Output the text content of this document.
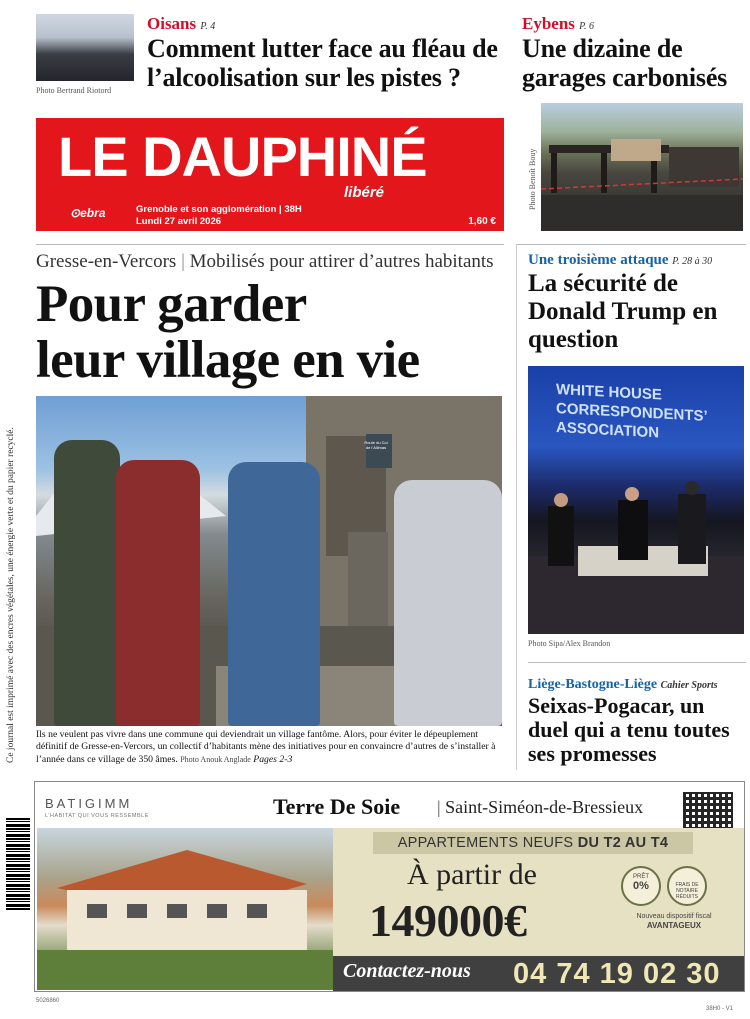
Photo Bertrand Riotord
Oisans P. 4
Comment lutter face au fléau de l’alcoolisation sur les pistes ?
Eybens P. 6
Une dizaine de garages carbonisés
LE DAUPHINÉ
libéré
⊙ebra	Grenoble et son agglomération | 38H
Lundi 27 avril 2026	1,60 €
Photo Benoît Bouy
Gresse-en-Vercors | Mobilisés pour attirer d’autres habitants
Pour garder
leur village en vie
Route du Col de l’Allimas
Ils ne veulent pas vivre dans une commune qui deviendrait un village fantôme. Alors, pour éviter le dépeuplement définitif de Gresse-en-Vercors, un collectif d’habitants mène des initiatives pour en convaincre d’autres de s’installer à l’année dans ce village de 350 âmes. Photo Anouk Anglade Pages 2-3
Une troisième attaque P. 28 à 30
La sécurité de Donald Trump en question
WHITE HOUSE
CORRESPONDENTS’
ASSOCIATION
Photo Sipa/Alex Brandon
Liège-Bastogne-Liège Cahier Sports
Seixas-Pogacar, un duel qui a tenu toutes ses promesses
Ce journal est imprimé avec des encres végétales, une énergie verte et du papier recyclé.
BATIGIMM
L’HABITAT QUI VOUS RESSEMBLE	Terre De Soie | Saint-Siméon-de-Bressieux
APPARTEMENTS NEUFS DU T2 AU T4
À partir de
149000€
PRÊT
0%	FRAIS DE NOTAIRE RÉDUITS
Nouveau dispositif fiscal
AVANTAGEUX
Contactez-nous 04 74 19 02 30
5026860
38H0 - V1
